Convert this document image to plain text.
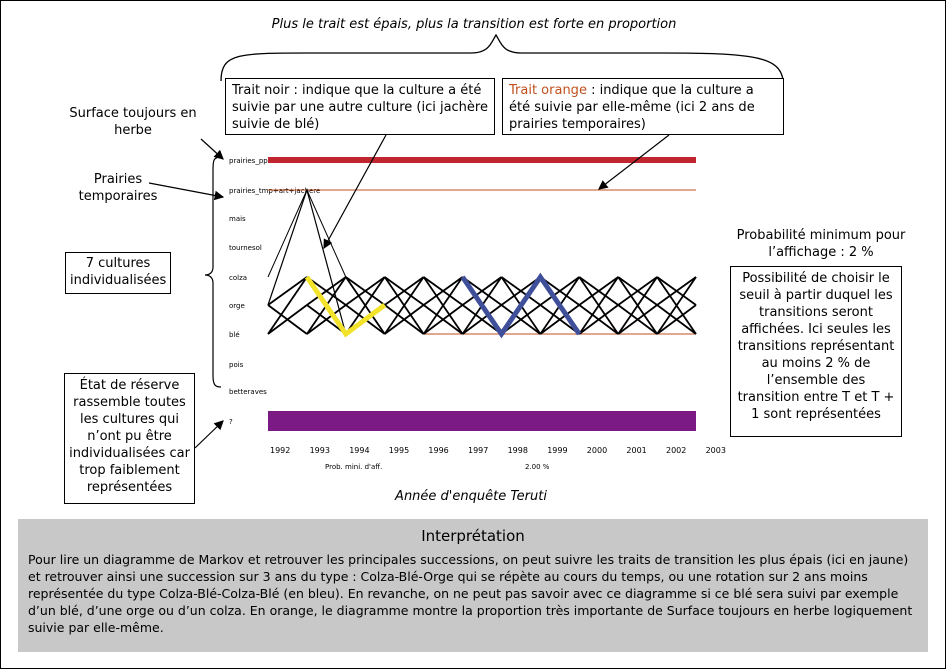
Plus le trait est épais, plus la transition est forte en proportion
prairies_pp
prairies_tmp+art+jachere
mais
tournesol
colza
orge
blé
pois
betteraves
?
1992 1993 1994 1995 1996 1997 1998 1999 2000 2001 2002 2003
Prob. mini. d'aff.	2.00 %
Trait noir : indique que la culture a été suivie par une autre culture (ici jachère suivie de blé)
Trait orange : indique que la culture a été suivie par elle-même (ici 2 ans de prairies temporaires)
Surface toujours en herbe
Prairies temporaires
7 cultures individualisées
État de réserve rassemble toutes les cultures qui n’ont pu être individualisées car trop faiblement représentées
Probabilité minimum pour l’affichage : 2 %
Possibilité de choisir le seuil à partir duquel les transitions seront affichées. Ici seules les transitions représentant au moins 2 % de l’ensemble des transition entre T et T + 1 sont représentées
Année d'enquête Teruti
Interprétation
Pour lire un diagramme de Markov et retrouver les principales successions, on peut suivre les traits de transition les plus épais (ici en jaune) et retrouver ainsi une succession sur 3 ans du type : Colza-Blé-Orge qui se répète au cours du temps, ou une rotation sur 2 ans moins représentée du type Colza-Blé-Colza-Blé (en bleu). En revanche, on ne peut pas savoir avec ce diagramme si ce blé sera suivi par exemple d’un blé, d’une orge ou d’un colza. En orange, le diagramme montre la proportion très importante de Surface toujours en herbe logiquement suivie par elle-même.
